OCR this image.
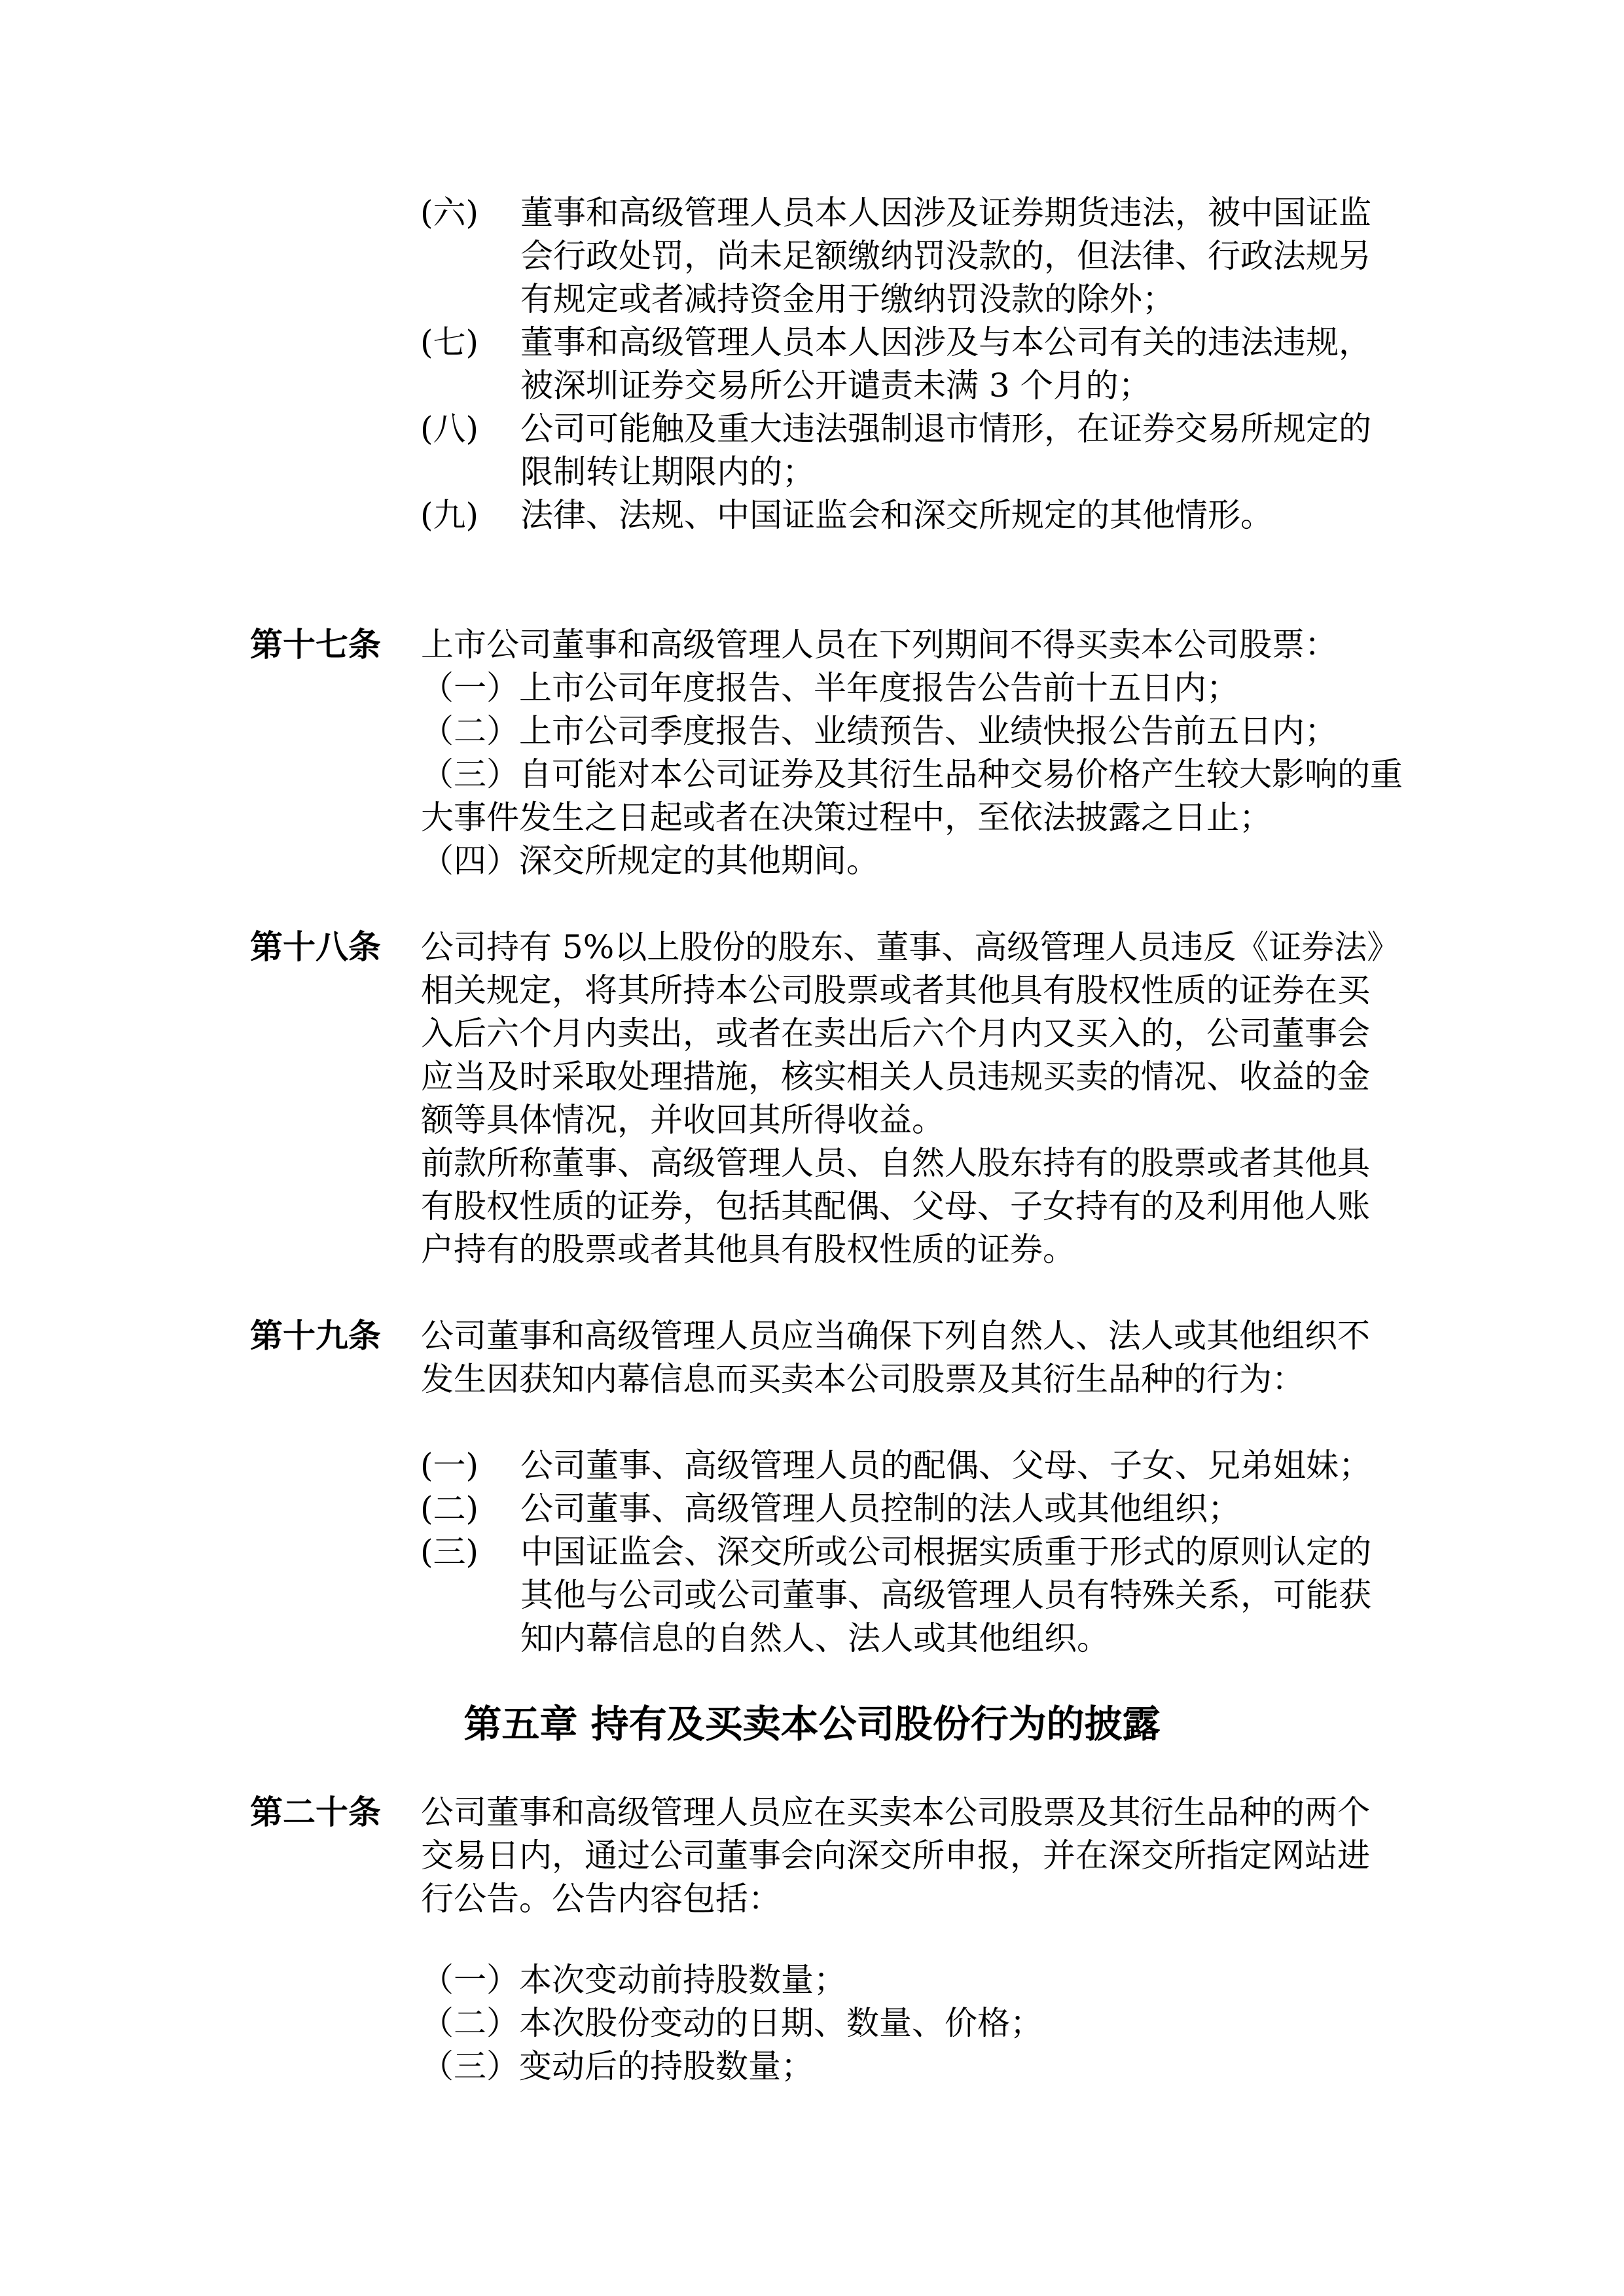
(六)	董事和高级管理人员本人因涉及证券期货违法，被中国证监
会行政处罚，尚未足额缴纳罚没款的，但法律、行政法规另
有规定或者减持资金用于缴纳罚没款的除外；
(七)	董事和高级管理人员本人因涉及与本公司有关的违法违规，
被深圳证券交易所公开谴责未满 3 个月的；
(八)	公司可能触及重大违法强制退市情形，在证券交易所规定的
限制转让期限内的；
(九)	法律、法规、中国证监会和深交所规定的其他情形。
第十七条	上市公司董事和高级管理人员在下列期间不得买卖本公司股票：
（一）上市公司年度报告、半年度报告公告前十五日内；
（二）上市公司季度报告、业绩预告、业绩快报公告前五日内；
（三）自可能对本公司证券及其衍生品种交易价格产生较大影响的重
大事件发生之日起或者在决策过程中，至依法披露之日止；
（四）深交所规定的其他期间。
第十八条	公司持有 5%以上股份的股东、董事、高级管理人员违反《证券法》
相关规定，将其所持本公司股票或者其他具有股权性质的证券在买
入后六个月内卖出，或者在卖出后六个月内又买入的，公司董事会
应当及时采取处理措施，核实相关人员违规买卖的情况、收益的金
额等具体情况，并收回其所得收益。
前款所称董事、高级管理人员、自然人股东持有的股票或者其他具
有股权性质的证券，包括其配偶、父母、子女持有的及利用他人账
户持有的股票或者其他具有股权性质的证券。
第十九条	公司董事和高级管理人员应当确保下列自然人、法人或其他组织不
发生因获知内幕信息而买卖本公司股票及其衍生品种的行为：
(一)	公司董事、高级管理人员的配偶、父母、子女、兄弟姐妹；
(二)	公司董事、高级管理人员控制的法人或其他组织；
(三)	中国证监会、深交所或公司根据实质重于形式的原则认定的
其他与公司或公司董事、高级管理人员有特殊关系，可能获
知内幕信息的自然人、法人或其他组织。
第五章 持有及买卖本公司股份行为的披露
第二十条	公司董事和高级管理人员应在买卖本公司股票及其衍生品种的两个
交易日内，通过公司董事会向深交所申报，并在深交所指定网站进
行公告。公告内容包括：
（一）本次变动前持股数量；
（二）本次股份变动的日期、数量、价格；
（三）变动后的持股数量；
